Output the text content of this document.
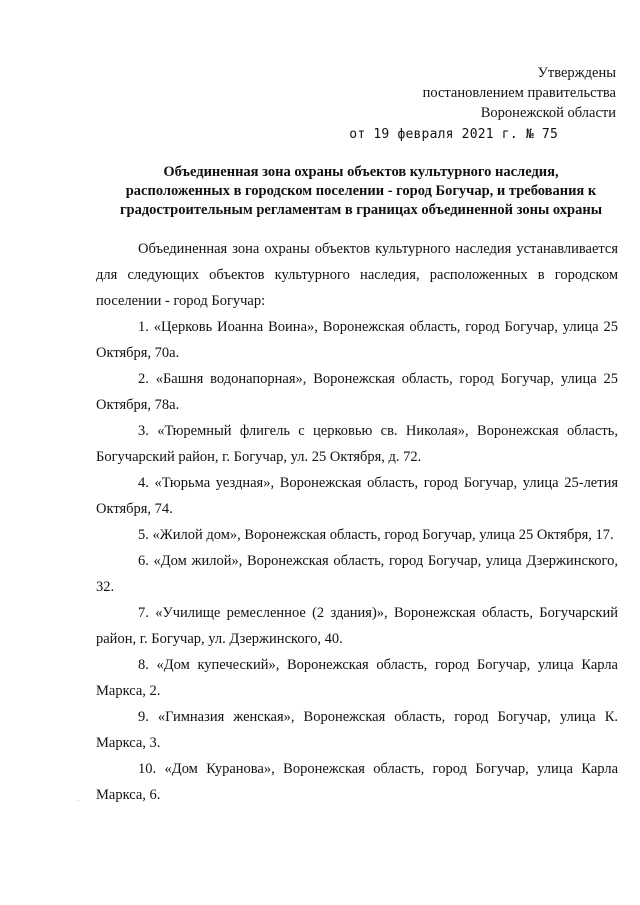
Утверждены
постановлением правительства
Воронежской области
от 19 февраля 2021 г. № 75
Объединенная зона охраны объектов культурного наследия,
расположенных в городском поселении - город Богучар, и требования к
градостроительным регламентам в границах объединенной зоны охраны

Объединенная зона охраны объектов культурного наследия устанавливается для следующих объектов культурного наследия, расположенных в городском поселении - город Богучар:

1. «Церковь Иоанна Воина», Воронежская область, город Богучар, улица 25 Октября, 70а.

2. «Башня водонапорная», Воронежская область, город Богучар, улица 25 Октября, 78а.

3. «Тюремный флигель с церковью св. Николая», Воронежская область, Богучарский район, г. Богучар, ул. 25 Октября, д. 72.

4. «Тюрьма уездная», Воронежская область, город Богучар, улица 25-летия Октября, 74.

5. «Жилой дом», Воронежская область, город Богучар, улица 25 Октября, 17.

6. «Дом жилой», Воронежская область, город Богучар, улица Дзержинского, 32.

7. «Училище ремесленное (2 здания)», Воронежская область, Богучарский район, г. Богучар, ул. Дзержинского, 40.

8. «Дом купеческий», Воронежская область, город Богучар, улица Карла Маркса, 2.

9. «Гимназия женская», Воронежская область, город Богучар, улица К. Маркса, 3.

10. «Дом Куранова», Воронежская область, город Богучар, улица Карла Маркса, 6.
